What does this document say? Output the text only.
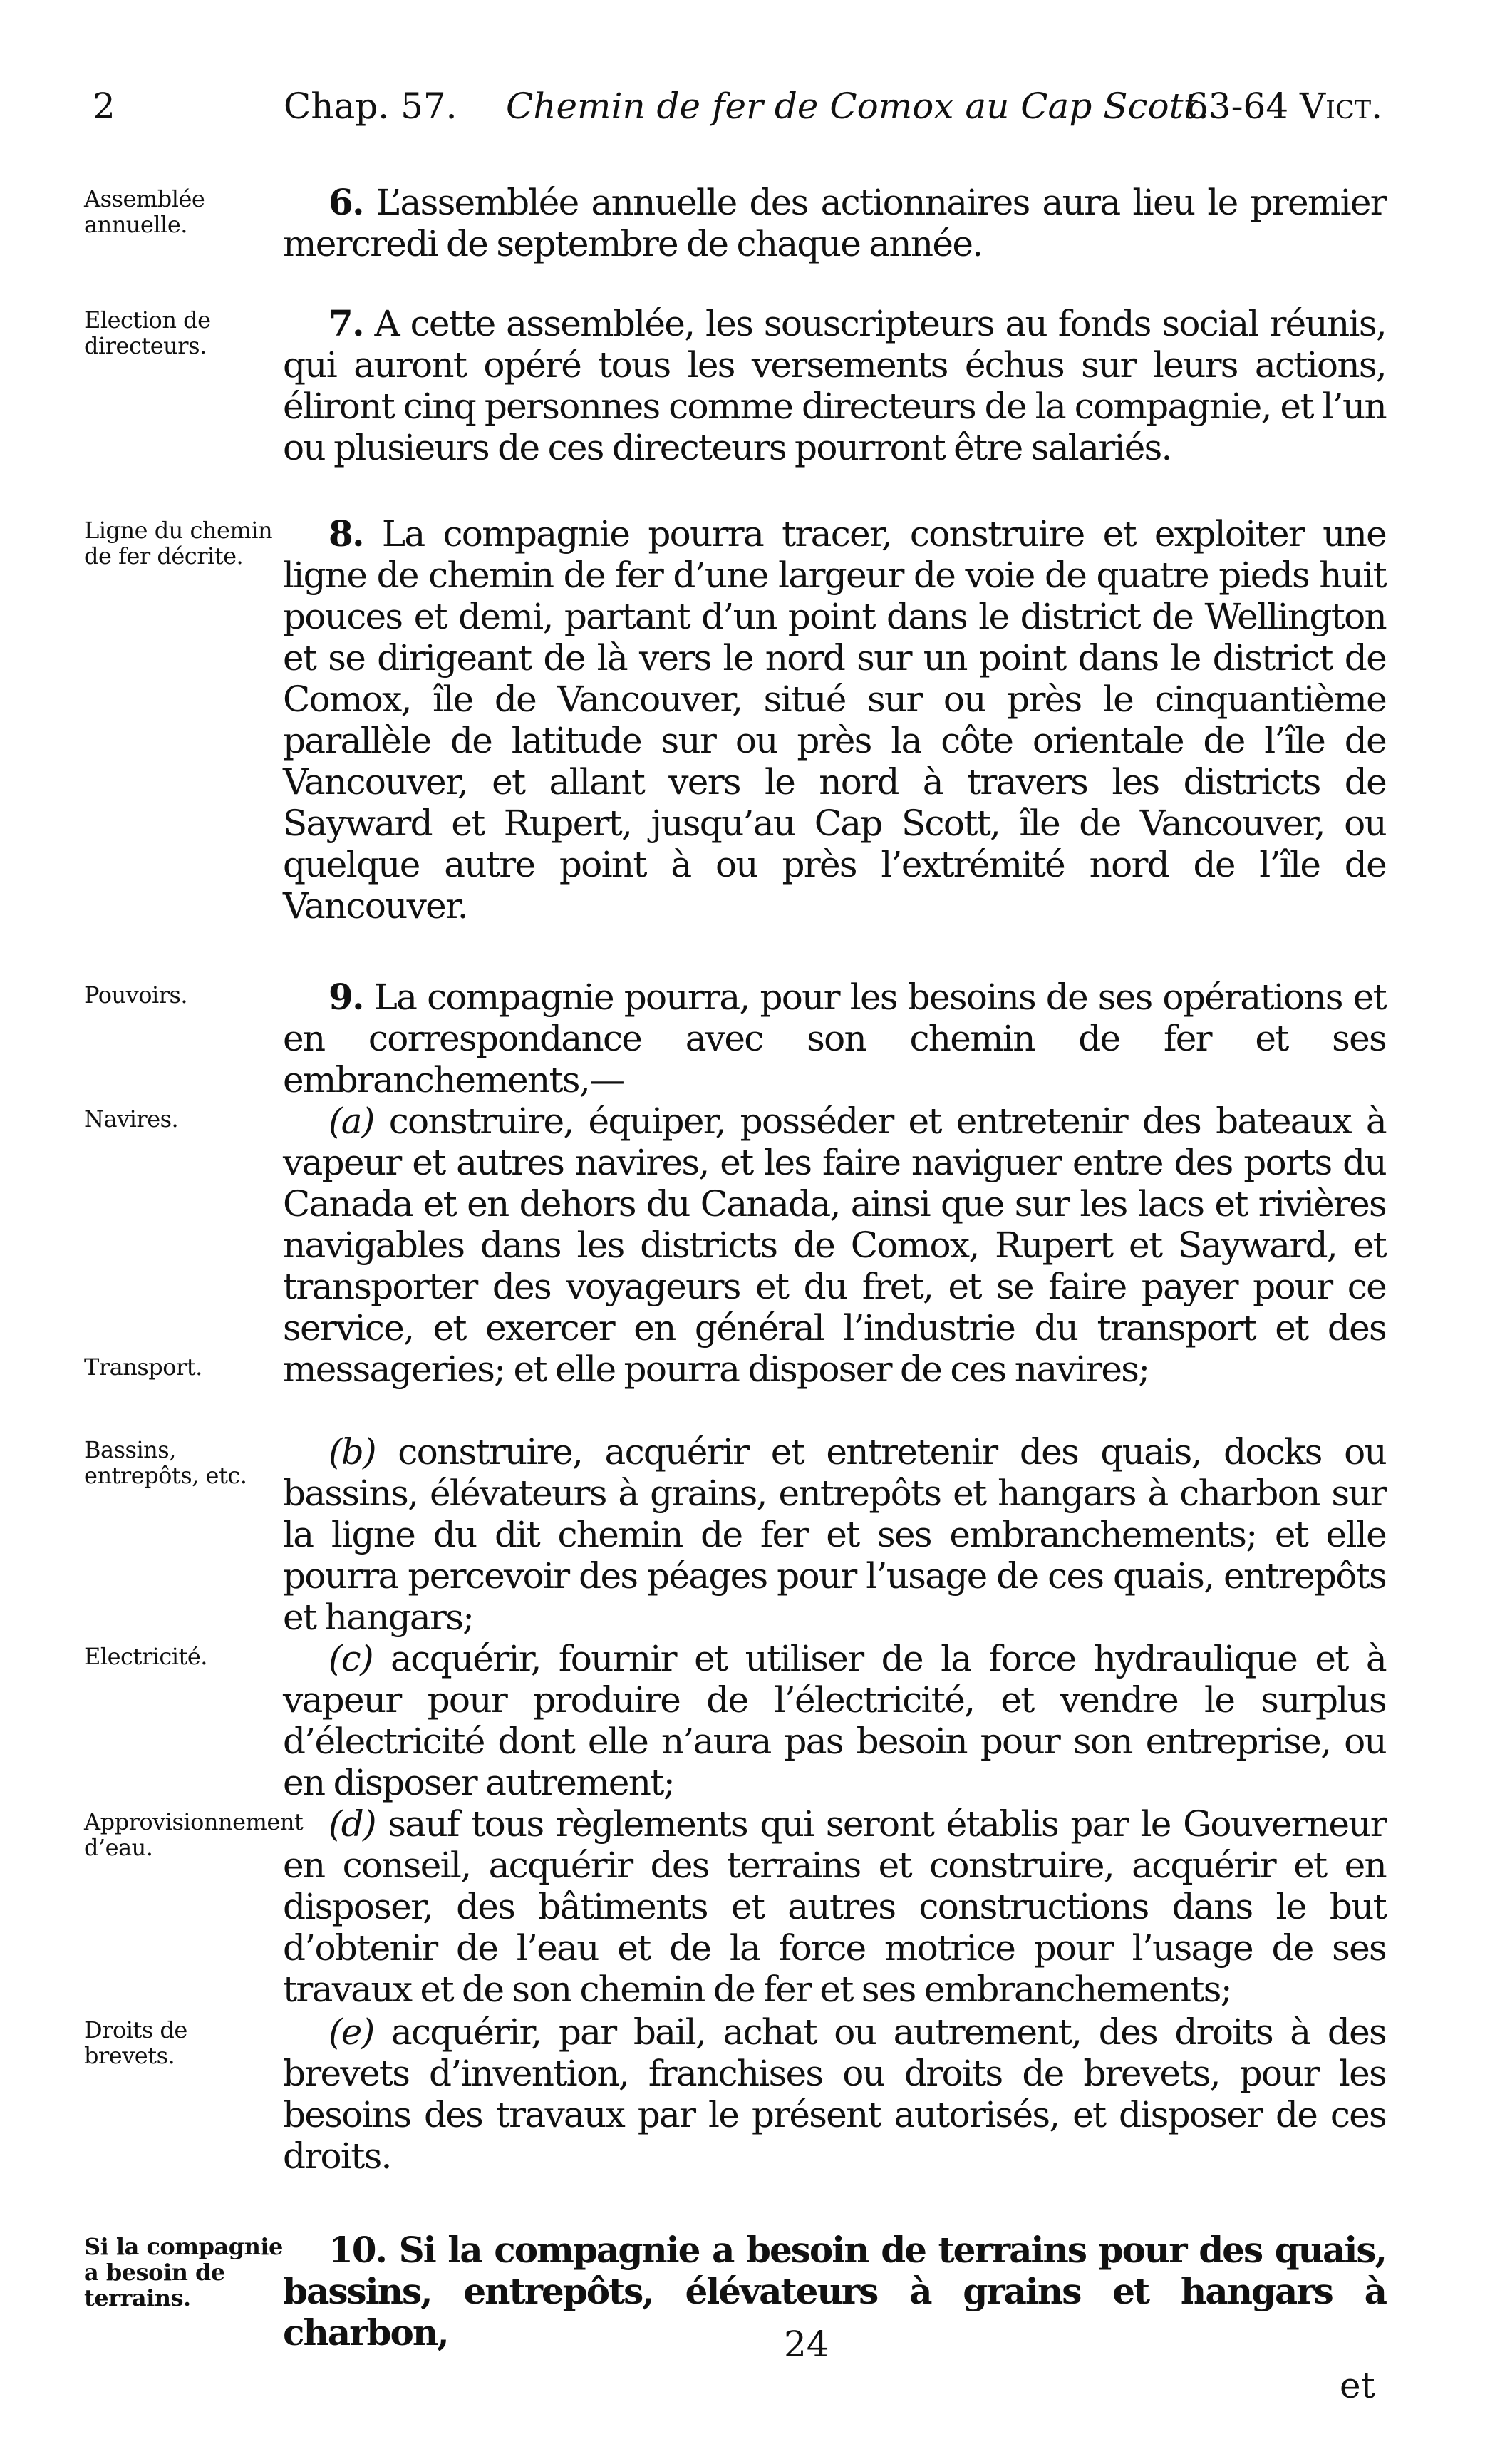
2	Chap. 57. Chemin de fer de Comox au Cap Scott.
63-64 Vict.
Assemblée annuelle.
6. L’assemblée annuelle des actionnaires aura lieu le premier mercredi de septembre de chaque année.
Election de directeurs.
7. A cette assemblée, les souscripteurs au fonds social réunis, qui auront opéré tous les versements échus sur leurs actions, éliront cinq personnes comme directeurs de la compagnie, et l’un ou plusieurs de ces directeurs pourront être salariés.
Ligne du chemin de fer décrite.
8. La compagnie pourra tracer, construire et exploiter une ligne de chemin de fer d’une largeur de voie de quatre pieds huit pouces et demi, partant d’un point dans le district de Wellington et se dirigeant de là vers le nord sur un point dans le district de Comox, île de Vancouver, situé sur ou près le cinquantième parallèle de latitude sur ou près la côte orientale de l’île de Vancouver, et allant vers le nord à travers les districts de Sayward et Rupert, jusqu’au Cap Scott, île de Vancouver, ou quelque autre point à ou près l’extrémité nord de l’île de Vancouver.
Pouvoirs.	9. La compagnie pourra, pour les besoins de ses opérations et en correspondance avec son chemin de fer et ses embranchements,—
Navires.
Transport.
(a) construire, équiper, posséder et entretenir des bateaux à vapeur et autres navires, et les faire naviguer entre des ports du Canada et en dehors du Canada, ainsi que sur les lacs et rivières navigables dans les districts de Comox, Rupert et Sayward, et transporter des voyageurs et du fret, et se faire payer pour ce service, et exercer en général l’industrie du transport et des messageries; et elle pourra disposer de ces navires;
Bassins, entrepôts, etc.
(b) construire, acquérir et entretenir des quais, docks ou bassins, élévateurs à grains, entrepôts et hangars à charbon sur la ligne du dit chemin de fer et ses embranchements; et elle pourra percevoir des péages pour l’usage de ces quais, entrepôts et hangars;
Electricité.	(c) acquérir, fournir et utiliser de la force hydraulique et à vapeur pour produire de l’électricité, et vendre le surplus d’électricité dont elle n’aura pas besoin pour son entreprise, ou en disposer autrement;
Approvisionnement d’eau.
(d) sauf tous règlements qui seront établis par le Gouverneur en conseil, acquérir des terrains et construire, acquérir et en disposer, des bâtiments et autres constructions dans le but d’obtenir de l’eau et de la force motrice pour l’usage de ses travaux et de son chemin de fer et ses embranchements;
Droits de brevets.
(e) acquérir, par bail, achat ou autrement, des droits à des brevets d’invention, franchises ou droits de brevets, pour les besoins des travaux par le présent autorisés, et disposer de ces droits.
Si la compagnie a besoin de terrains.
10. Si la compagnie a besoin de terrains pour des quais, bassins, entrepôts, élévateurs à grains et hangars à charbon,	24
et
